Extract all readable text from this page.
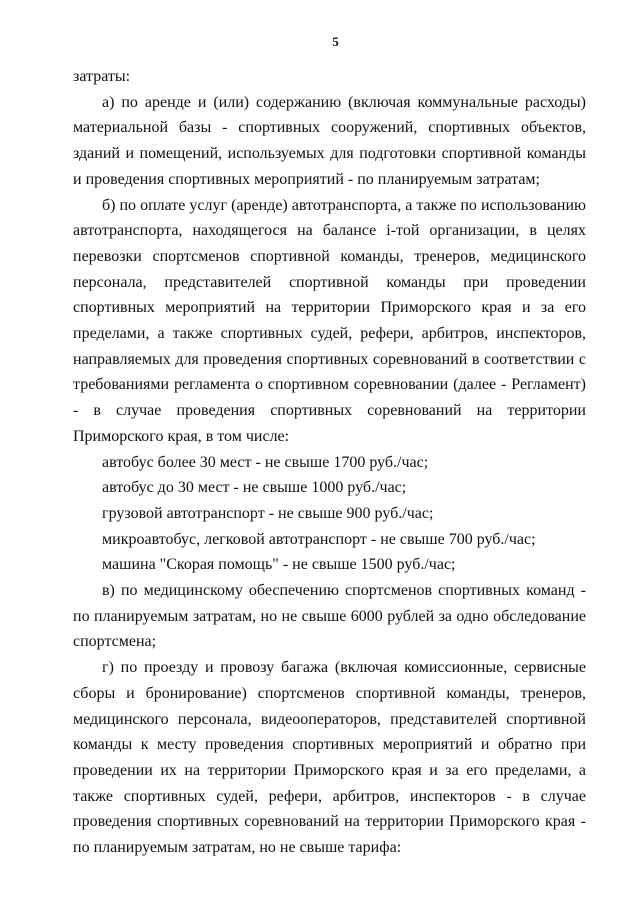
5

затраты:

а) по аренде и (или) содержанию (включая коммунальные расходы) материальной базы - спортивных сооружений, спортивных объектов, зданий и помещений, используемых для подготовки спортивной команды и проведения спортивных мероприятий - по планируемым затратам;

б) по оплате услуг (аренде) автотранспорта, а также по использованию автотранспорта, находящегося на балансе i-той организации, в целях перевозки спортсменов спортивной команды, тренеров, медицинского персонала, представителей спортивной команды при проведении спортивных мероприятий на территории Приморского края и за его пределами, а также спортивных судей, рефери, арбитров, инспекторов, направляемых для проведения спортивных соревнований в соответствии с требованиями регламента о спортивном соревновании (далее - Регламент) - в случае проведения спортивных соревнований на территории Приморского края, в том числе:

автобус более 30 мест - не свыше 1700 руб./час;

автобус до 30 мест - не свыше 1000 руб./час;

грузовой автотранспорт - не свыше 900 руб./час;

микроавтобус, легковой автотранспорт - не свыше 700 руб./час;

машина "Скорая помощь" - не свыше 1500 руб./час;

в) по медицинскому обеспечению спортсменов спортивных команд - по планируемым затратам, но не свыше 6000 рублей за одно обследование спортсмена;

г) по проезду и провозу багажа (включая комиссионные, сервисные сборы и бронирование) спортсменов спортивной команды, тренеров, медицинского персонала, видеооператоров, представителей спортивной команды к месту проведения спортивных мероприятий и обратно при проведении их на территории Приморского края и за его пределами, а также спортивных судей, рефери, арбитров, инспекторов - в случае проведения спортивных соревнований на территории Приморского края - по планируемым затратам, но не свыше тарифа:
